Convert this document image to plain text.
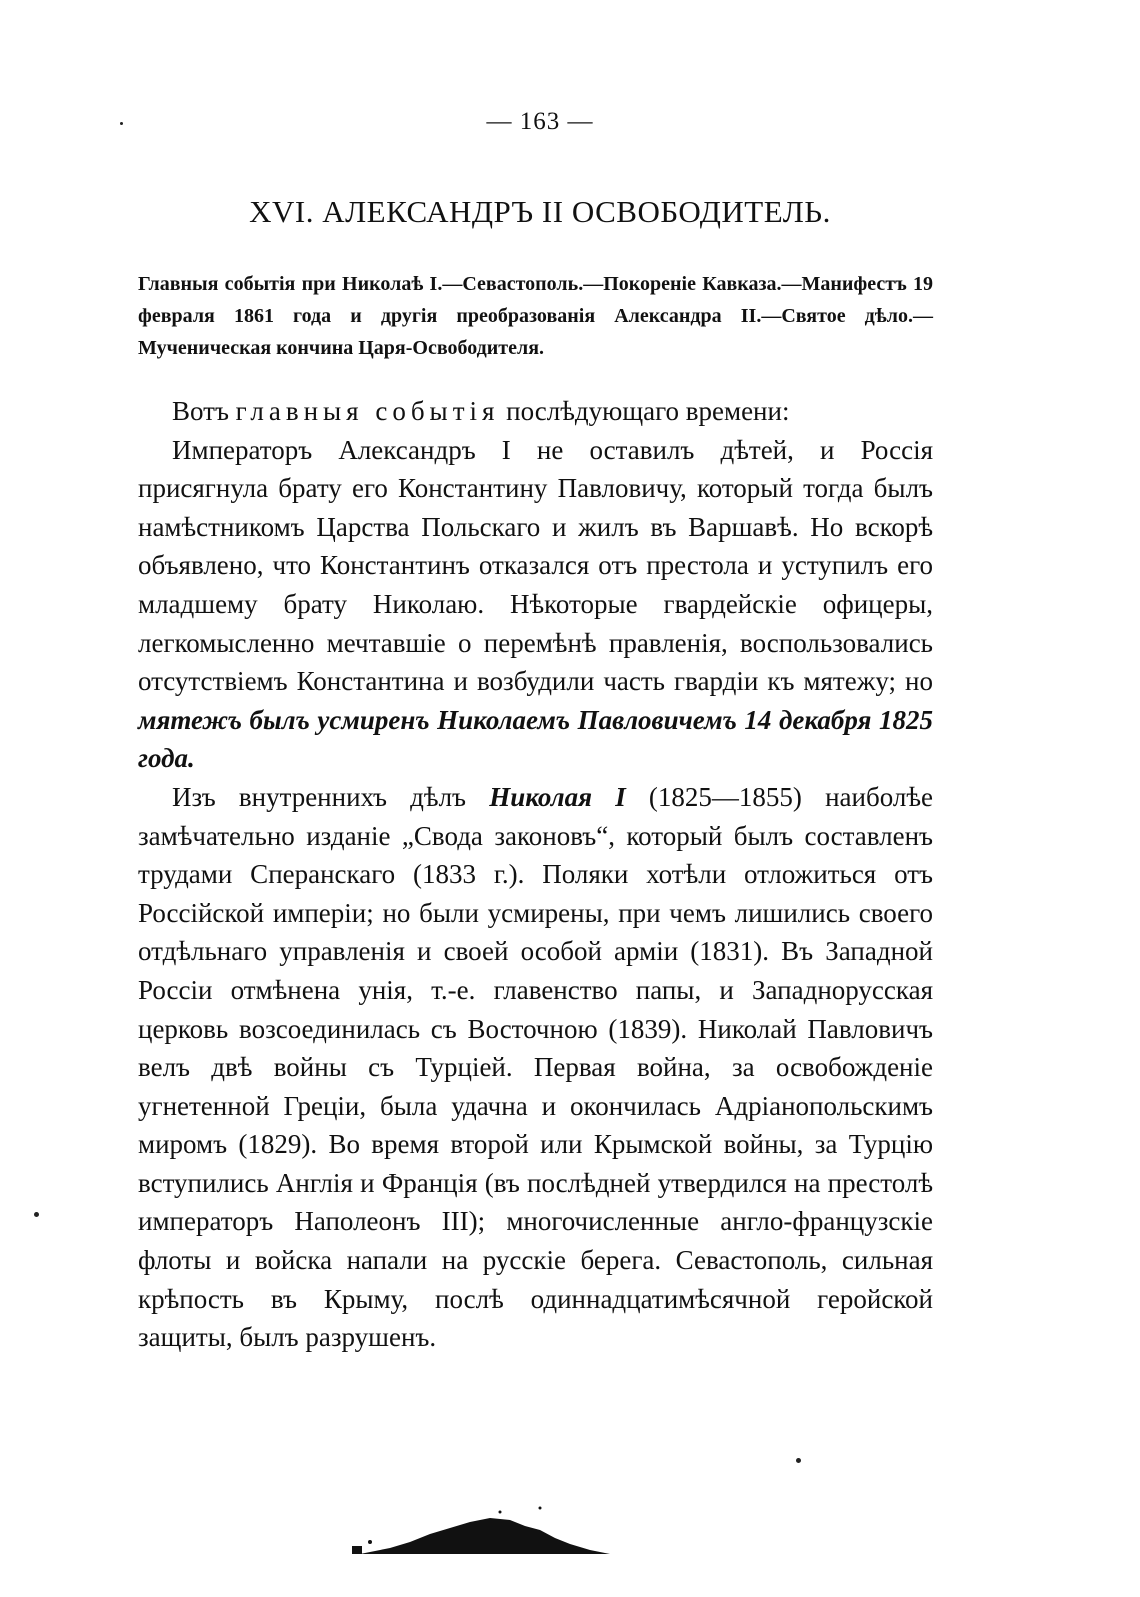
— 163 —
XVI. АЛЕКСАНДРЪ II ОСВОБОДИТЕЛЬ.

Главныя событія при Николаѣ I.—Севастополь.—Покореніе Кавказа.—Манифестъ 19 февраля 1861 года и другія преобразованія Александра II.—Святое дѣло.—Мученическая кончина Царя-Освободителя.

Вотъ главныя событія послѣдующаго времени:

Императоръ Александръ I не оставилъ дѣтей, и Россія присягнула брату его Константину Павловичу, который тогда былъ намѣстникомъ Царства Польскаго и жилъ въ Варшавѣ. Но вскорѣ объявлено, что Константинъ отказался отъ престола и уступилъ его младшему брату Николаю. Нѣкоторые гвардейскіе офицеры, легкомысленно мечтавшіе о перемѣнѣ правленія, воспользовались отсутствіемъ Константина и возбудили часть гвардіи къ мятежу; но мятежъ былъ усмиренъ Николаемъ Павловичемъ 14 декабря 1825 года.

Изъ внутреннихъ дѣлъ Николая I (1825—1855) наиболѣе замѣчательно изданіе „Свода законовъ“, который былъ составленъ трудами Сперанскаго (1833 г.). Поляки хотѣли отложиться отъ Россійской имперіи; но были усмирены, при чемъ лишились своего отдѣльнаго управленія и своей особой арміи (1831). Въ Западной Россіи отмѣнена унія, т.-е. главенство папы, и Западнорусская церковь возсоединилась съ Восточною (1839). Николай Павловичъ велъ двѣ войны съ Турціей. Первая война, за освобожденіе угнетенной Греціи, была удачна и окончилась Адріанопольскимъ миромъ (1829). Во время второй или Крымской войны, за Турцію вступились Англія и Франція (въ послѣдней утвердился на престолѣ императоръ Наполеонъ III); многочисленные англо-французскіе флоты и войска напали на русскіе берега. Севастополь, сильная крѣпость въ Крыму, послѣ одиннадцатимѣсячной геройской защиты, былъ разрушенъ.
